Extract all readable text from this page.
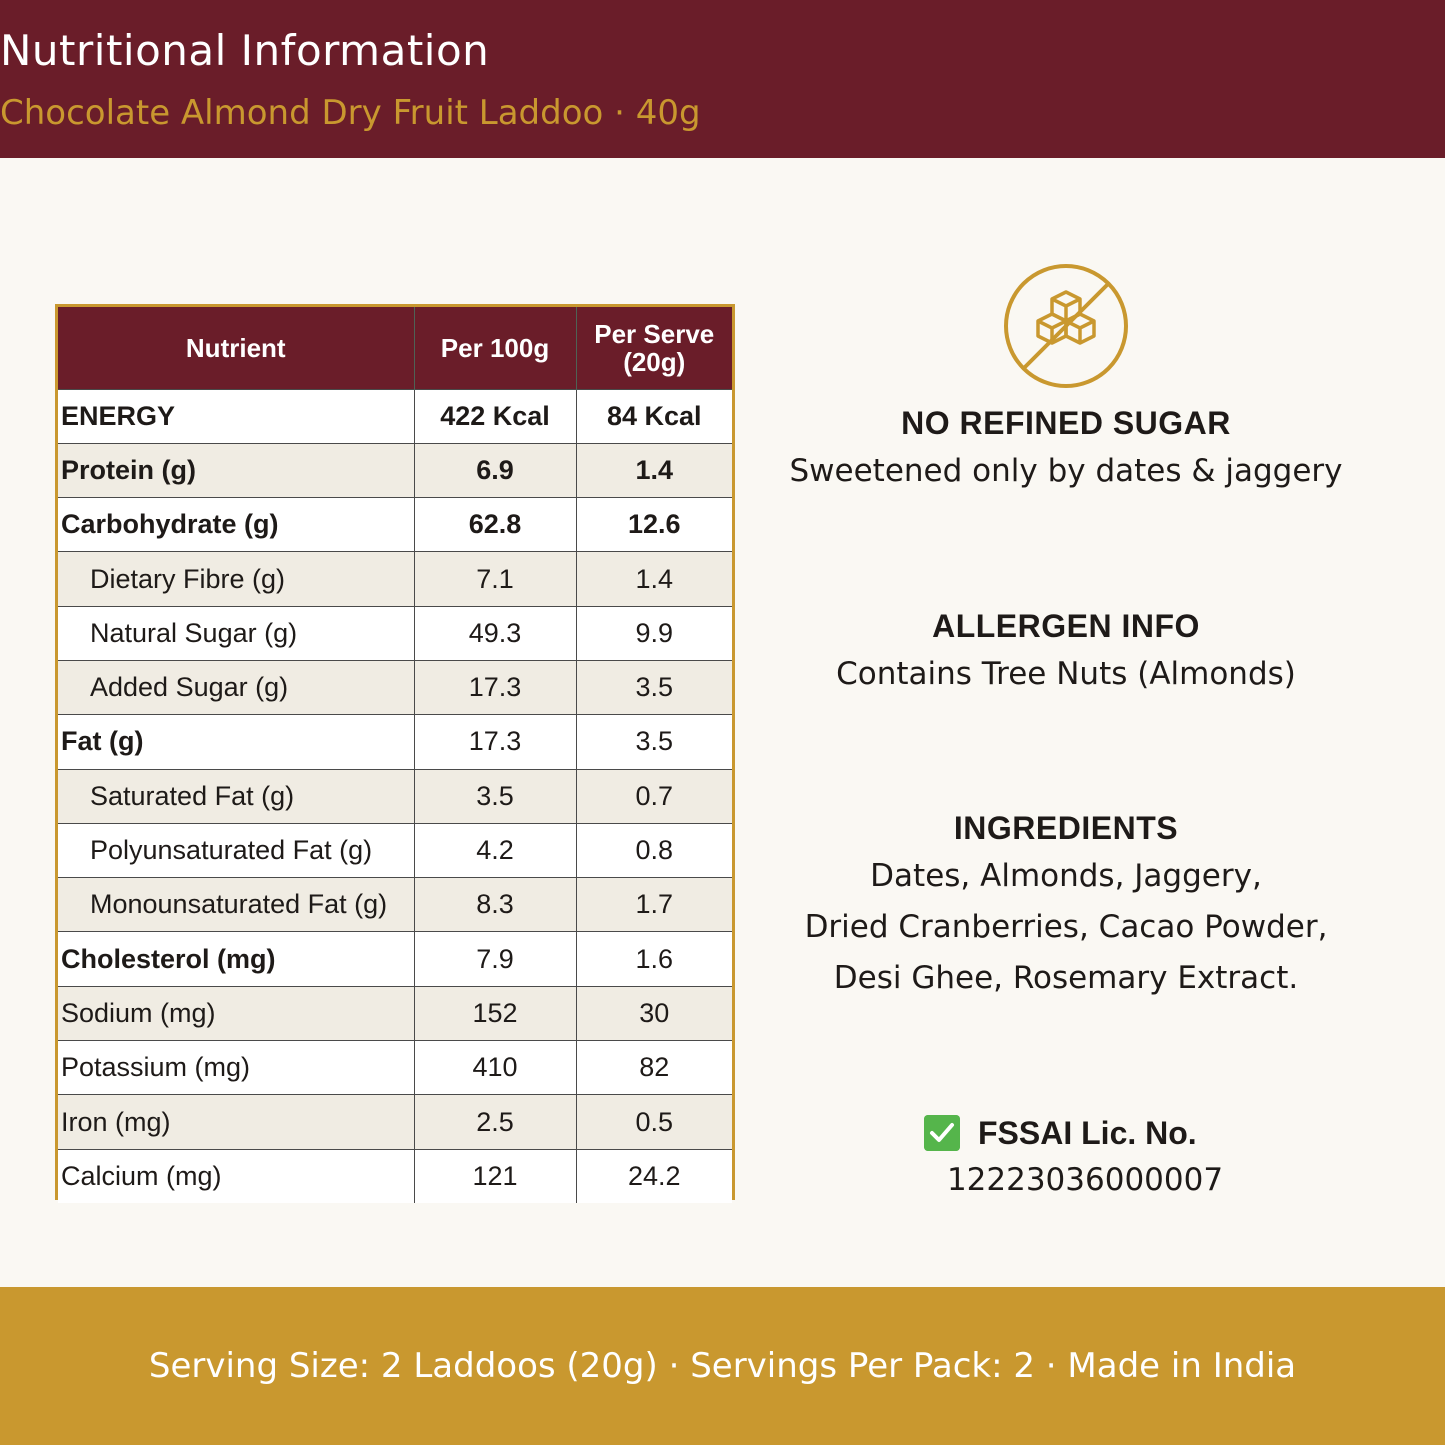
Nutritional Information
Chocolate Almond Dry Fruit Laddoo · 40g
Nutrient	Per 100g	Per Serve
(20g)
ENERGY	422 Kcal	84 Kcal
Protein (g)	6.9	1.4
Carbohydrate (g)	62.8	12.6
Dietary Fibre (g)	7.1	1.4
Natural Sugar (g)	49.3	9.9
Added Sugar (g)	17.3	3.5
Fat (g)	17.3	3.5
Saturated Fat (g)	3.5	0.7
Polyunsaturated Fat (g)	4.2	0.8
Monounsaturated Fat (g)	8.3	1.7
Cholesterol (mg)	7.9	1.6
Sodium (mg)	152	30
Potassium (mg)	410	82
Iron (mg)	2.5	0.5
Calcium (mg)	121	24.2
NO REFINED SUGAR
Sweetened only by dates & jaggery
ALLERGEN INFO
Contains Tree Nuts (Almonds)
INGREDIENTS
Dates, Almonds, Jaggery,
Dried Cranberries, Cacao Powder,
Desi Ghee, Rosemary Extract.
FSSAI Lic. No.
12223036000007
Serving Size: 2 Laddoos (20g) · Servings Per Pack: 2 · Made in India
